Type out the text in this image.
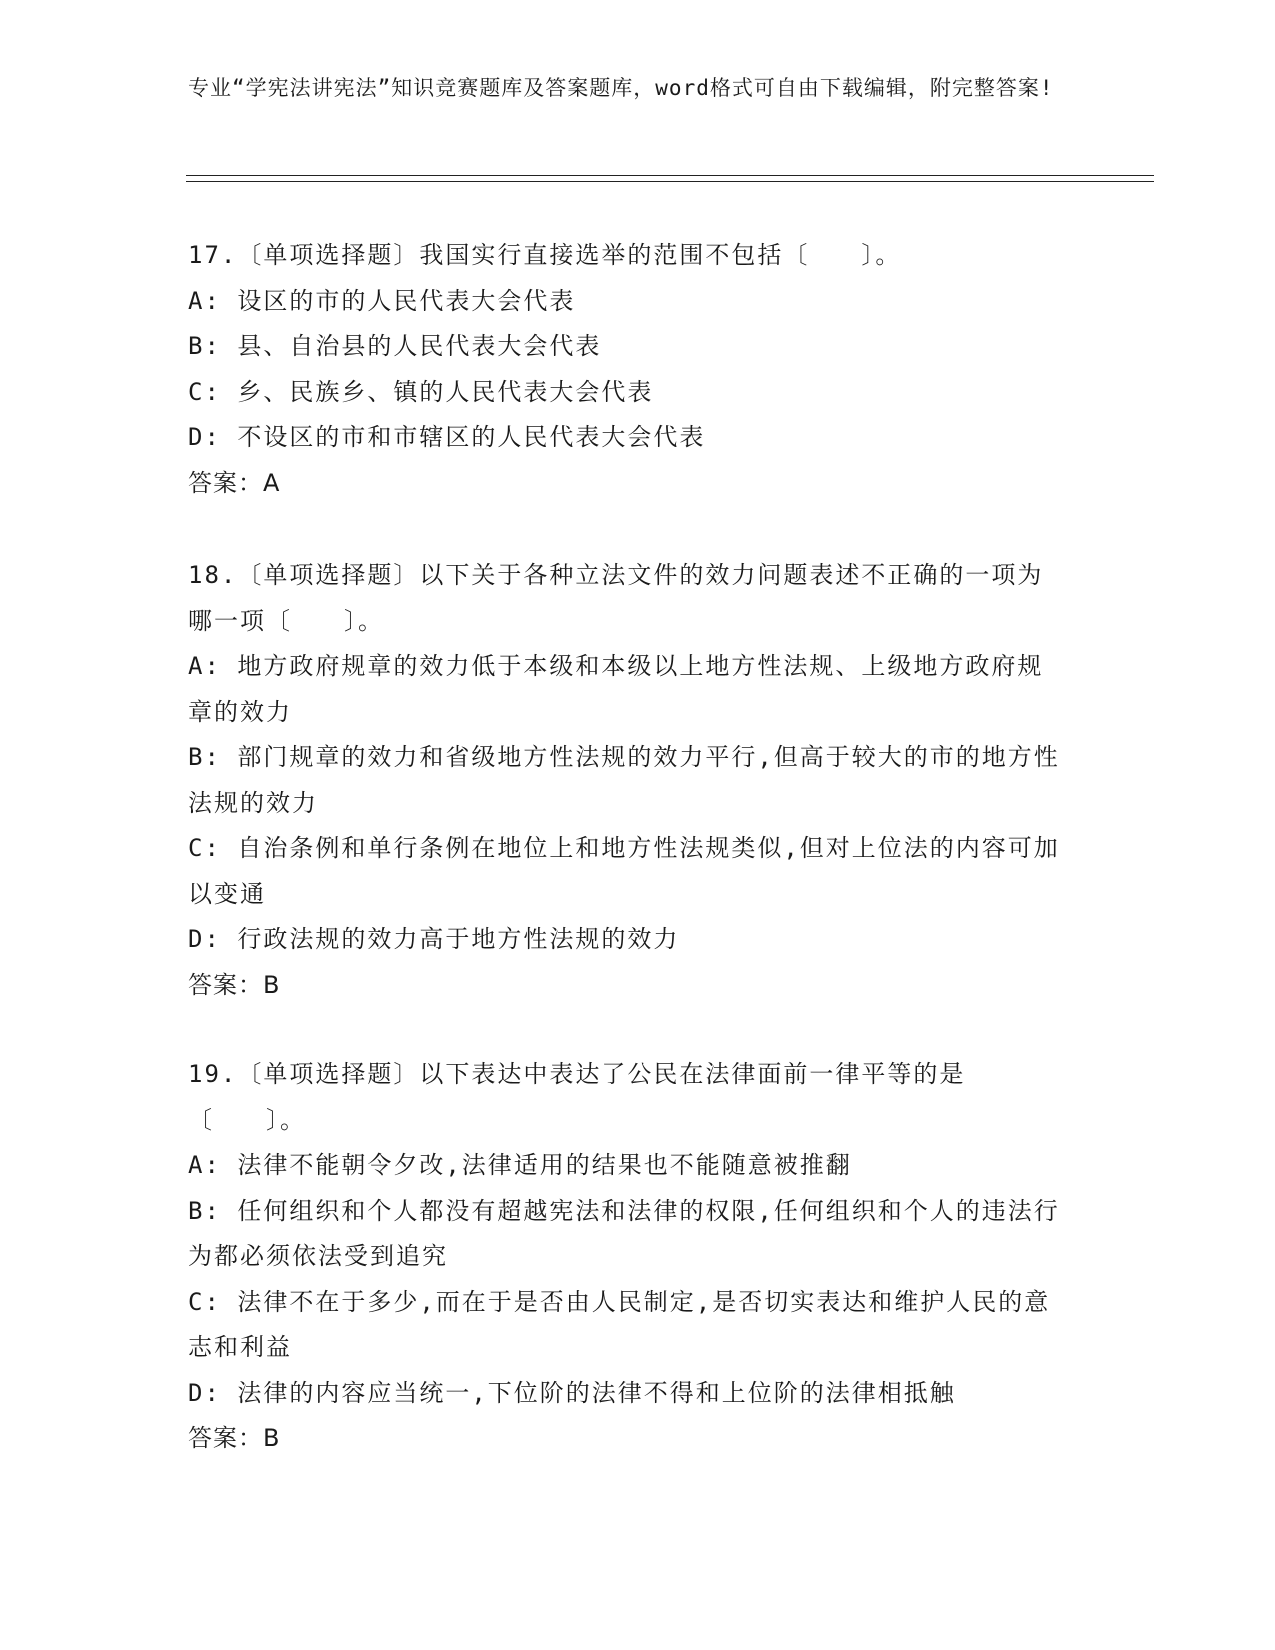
专业“学宪法讲宪法”知识竞赛题库及答案题库，word格式可自由下载编辑，附完整答案!
17.〔单项选择题〕我国实行直接选举的范围不包括〔　　〕。
A: 设区的市的人民代表大会代表
B: 县、自治县的人民代表大会代表
C: 乡、民族乡、镇的人民代表大会代表
D: 不设区的市和市辖区的人民代表大会代表
答案：A
18.〔单项选择题〕以下关于各种立法文件的效力问题表述不正确的一项为哪一项〔　　〕。
A: 地方政府规章的效力低于本级和本级以上地方性法规、上级地方政府规章的效力
B: 部门规章的效力和省级地方性法规的效力平行,但高于较大的市的地方性法规的效力
C: 自治条例和单行条例在地位上和地方性法规类似,但对上位法的内容可加以变通
D: 行政法规的效力高于地方性法规的效力
答案：B
19.〔单项选择题〕以下表达中表达了公民在法律面前一律平等的是〔　　〕。
A: 法律不能朝令夕改,法律适用的结果也不能随意被推翻
B: 任何组织和个人都没有超越宪法和法律的权限,任何组织和个人的违法行为都必须依法受到追究
C: 法律不在于多少,而在于是否由人民制定,是否切实表达和维护人民的意志和利益
D: 法律的内容应当统一,下位阶的法律不得和上位阶的法律相抵触
答案：B
